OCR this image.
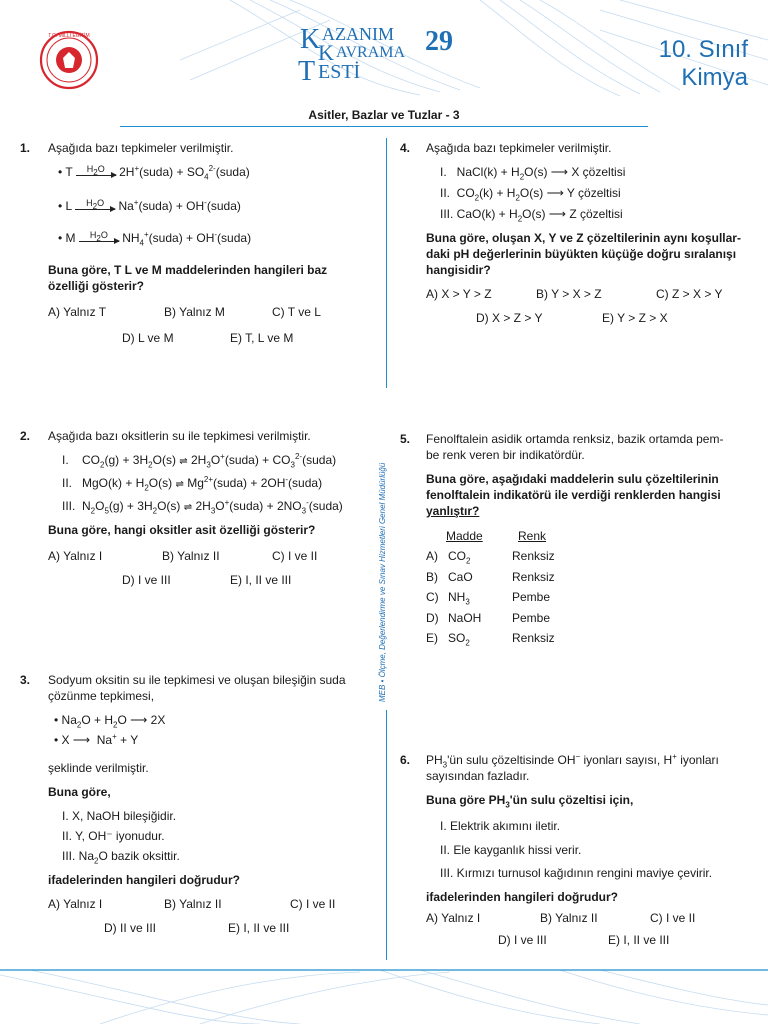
T.C. MİLLÎ EĞİTİM	K AZANIM
K AVRAMA
T ESTİ
29	10. Sınıf
Kimya
Asitler, Bazlar ve Tuzlar - 3
MEB • Ölçme, Değerlendirme ve Sınav Hizmetleri Genel Müdürlüğü
1. Aşağıda bazı tepkimeler verilmiştir.
• T	$H_2O$ 2H+(suda) + $SO_4^{2-}(suda)$
• L	$H_2O$ Na+(suda) + OH-(suda)
• M	$H_2O$ $NH_4^+(suda)$ + OH-(suda)
Buna göre, T L ve M maddelerinden hangileri baz
özelliği gösterir?
A) Yalnız T	B) Yalnız M	C) T ve L
D) L ve M	E) T, L ve M
2. Aşağıda bazı oksitlerin su ile tepkimesi verilmiştir.
I.    $CO_2(g) + 3H_2O(s)$ ⇌ $2H_3O^+(suda)$ + $CO_3^{2-}(suda)$
II.   $MgO(k) + H_2O(s)$ ⇌ $Mg^{2+}(suda)$ + 2OH-(suda)
III.  $N_2O_5(g) + 3H_2O(s)$ ⇌ $2H_3O^+(suda)$ + $2NO_3^-(suda)$
Buna göre, hangi oksitler asit özelliği gösterir?
A) Yalnız I	B) Yalnız II	C) I ve II
D) I ve III	E) I, II ve III
3. Sodyum oksitin su ile tepkimesi ve oluşan bileşiğin suda
çözünme tepkimesi,
• $Na_2O + H_2O$ ⟶ 2X
• X ⟶  Na+ + Y
şeklinde verilmiştir.
Buna göre,
I. X, NaOH bileşiğidir.
II. Y, OH⁻ iyonudur.
III. $Na_2O$ bazik oksittir.
ifadelerinden hangileri doğrudur?
A) Yalnız I	B) Yalnız II	C) I ve II
D) II ve III	E) I, II ve III
4. Aşağıda bazı tepkimeler verilmiştir.
I.   NaCl(k) + $H_2O(s)$ ⟶ X çözeltisi
II.  $CO_2(k) + H_2O(s)$ ⟶ Y çözeltisi
III. $CaO(k) + H_2O(s)$ ⟶ Z çözeltisi
Buna göre, oluşan X, Y ve Z çözeltilerinin aynı koşullar-
daki pH değerlerinin büyükten küçüğe doğru sıralanışı
hangisidir?
A) X > Y > Z	B) Y > X > Z	C) Z > X > Y
D) X > Z > Y	E) Y > Z > X
5. Fenolftalein asidik ortamda renksiz, bazik ortamda pem-
be renk veren bir indikatördür.
Buna göre, aşağıdaki maddelerin sulu çözeltilerinin
fenolftalein indikatörü ile verdiği renklerden hangisi
yanlıştır?
Madde	Renk
A) $CO_2$	Renksiz
B) CaO	Renksiz
C) $NH_3$	Pembe
D) NaOH	Pembe
E) $SO_2$	Renksiz
6. $PH_3'ün$ sulu çözeltisinde OH− iyonları sayısı, H+ iyonları
sayısından fazladır.
Buna göre $PH_3'ün$ sulu çözeltisi için,
I. Elektrik akımını iletir.
II. Ele kayganlık hissi verir.
III. Kırmızı turnusol kağıdının rengini maviye çevirir.
ifadelerinden hangileri doğrudur?
A) Yalnız I	B) Yalnız II	C) I ve II
D) I ve III	E) I, II ve III
